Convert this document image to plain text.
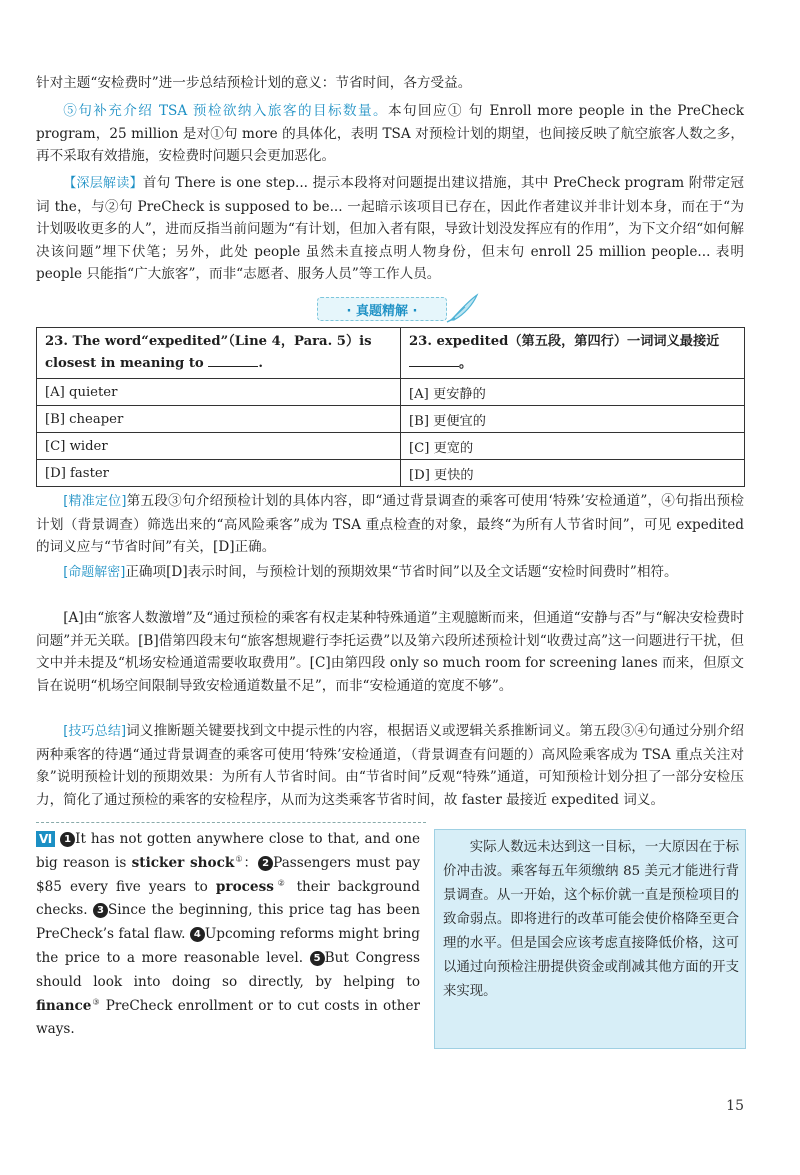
针对主题“安检费时”进一步总结预检计划的意义：节省时间，各方受益。

⑤句补充介绍 TSA 预检欲纳入旅客的目标数量。本句回应① 句 Enroll more people in the PreCheck program，25 million 是对①句 more 的具体化，表明 TSA 对预检计划的期望，也间接反映了航空旅客人数之多，再不采取有效措施，安检费时问题只会更加恶化。

【深层解读】首句 There is one step... 提示本段将对问题提出建议措施，其中 PreCheck program 附带定冠词 the，与②句 PreCheck is supposed to be... 一起暗示该项目已存在，因此作者建议并非计划本身，而在于“为计划吸收更多的人”，进而反指当前问题为“有计划，但加入者有限，导致计划没发挥应有的作用”，为下文介绍“如何解决该问题”埋下伏笔；另外，此处 people 虽然未直接点明人物身份，但末句 enroll 25 million people... 表明 people 只能指“广大旅客”，而非“志愿者、服务人员”等工作人员。

· 真题精解 ·
23. The word“expedited”（Line 4，Para. 5）is closest in meaning to .	23. expedited（第五段，第四行）一词词义最接近
。
[A] quieter	[A] 更安静的
[B] cheaper	[B] 更便宜的
[C] wider	[C] 更宽的
[D] faster	[D] 更快的

[精准定位]第五段③句介绍预检计划的具体内容，即“通过背景调查的乘客可使用‘特殊’安检通道”，④句指出预检计划（背景调查）筛选出来的“高风险乘客”成为 TSA 重点检查的对象，最终“为所有人节省时间”，可见 expedited 的词义应与“节省时间”有关，[D]正确。

[命题解密]正确项[D]表示时间，与预检计划的预期效果“节省时间”以及全文话题“安检时间费时”相符。

[A]由“旅客人数激增”及“通过预检的乘客有权走某种特殊通道”主观臆断而来，但通道“安静与否”与“解决安检费时问题”并无关联。[B]借第四段末句“旅客想规避行李托运费”以及第六段所述预检计划“收费过高”这一问题进行干扰，但文中并未提及“机场安检通道需要收取费用”。[C]由第四段 only so much room for screening lanes 而来，但原文旨在说明“机场空间限制导致安检通道数量不足”，而非“安检通道的宽度不够”。

[技巧总结]词义推断题关键要找到文中提示性的内容，根据语义或逻辑关系推断词义。第五段③④句通过分别介绍两种乘客的待遇“通过背景调查的乘客可使用‘特殊’安检通道，（背景调查有问题的）高风险乘客成为 TSA 重点关注对象”说明预检计划的预期效果：为所有人节省时间。由“节省时间”反观“特殊”通道，可知预检计划分担了一部分安检压力，简化了通过预检的乘客的安检程序，从而为这类乘客节省时间，故 faster 最接近 expedited 词义。

Ⅵ 1 It has not gotten anywhere close to that, and one big reason is sticker shock①： 2 Passengers must pay $85 every five years to process② their background checks. 3 Since the beginning, this price tag has been PreCheck’s fatal flaw. 4 Upcoming reforms might bring the price to a more reasonable level. 5 But Congress should look into doing so directly, by helping to finance③ PreCheck enrollment or to cut costs in other ways.

实际人数远未达到这一目标，一大原因在于标价冲击波。乘客每五年须缴纳 85 美元才能进行背景调查。从一开始，这个标价就一直是预检项目的致命弱点。即将进行的改革可能会使价格降至更合理的水平。但是国会应该考虑直接降低价格，这可以通过向预检注册提供资金或削减其他方面的开支来实现。
15
